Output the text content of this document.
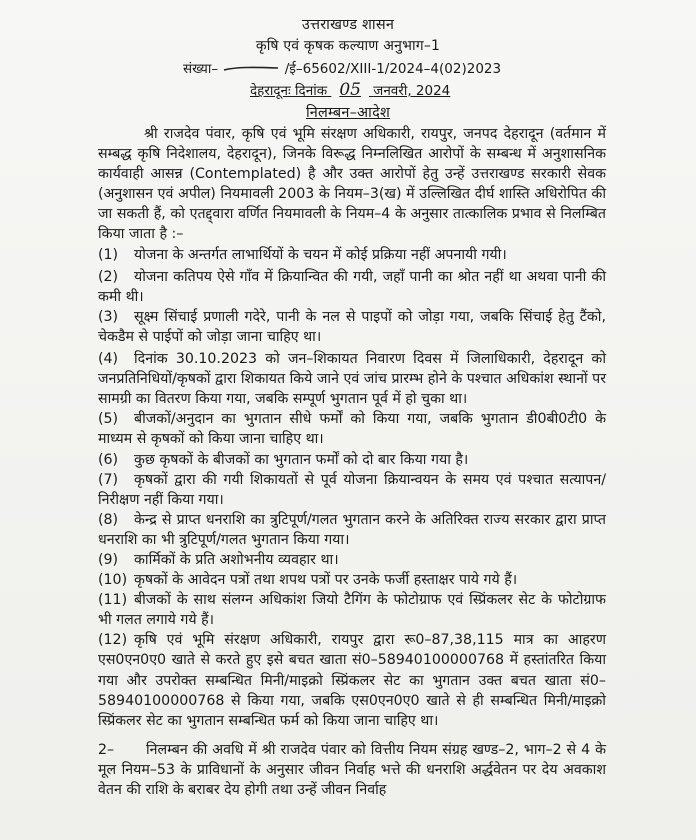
उत्तराखण्ड शासन
कृषि एवं कृषक कल्याण अनुभाग–1
संख्या–	/ई–65602/XIII-1/2024–4(02)2023
देहरादूनः दिनांक 05 जनवरी, 2024
निलम्बन–आदेश

श्री राजदेव पंवार, कृषि एवं भूमि संरक्षण अधिकारी, रायपुर, जनपद देहरादून (वर्तमान में सम्बद्ध कृषि निदेशालय, देहरादून), जिनके विरूद्ध निम्नलिखित आरोपों के सम्बन्ध में अनुशासनिक कार्यवाही आसन्न (Contemplated) है और उक्त आरोपों हेतु उन्हें उत्तराखण्ड सरकारी सेवक (अनुशासन एवं अपील) नियमावली 2003 के नियम–3(ख) में उल्लिखित दीर्घ शास्ति अधिरोपित की जा सकती हैं, को एतद्द्वारा वर्णित नियमावली के नियम–4 के अनुसार तात्कालिक प्रभाव से निलम्बित किया जाता है :–

(1) योजना के अन्तर्गत लाभार्थियों के चयन में कोई प्रक्रिया नहीं अपनायी गयी।

(2) योजना कतिपय ऐसे गाँव में क्रियान्वित की गयी, जहाँ पानी का श्रोत नहीं था अथवा पानी की कमी थी।

(3) सूक्ष्म सिंचाई प्रणाली गदेरे, पानी के नल से पाइपों को जोड़ा गया, जबकि सिंचाई हेतु टैंको, चेकडैम से पाईपों को जोड़ा जाना चाहिए था।

(4) दिनांक 30.10.2023 को जन–शिकायत निवारण दिवस में जिलाधिकारी, देहरादून को जनप्रतिनिधियों/कृषकों द्वारा शिकायत किये जाने एवं जांच प्रारम्भ होने के पश्चात अधिकांश स्थानों पर सामग्री का वितरण किया गया, जबकि सम्पूर्ण भुगतान पूर्व में हो चुका था।

(5) बीजकों/अनुदान का भुगतान सीधे फर्मों को किया गया, जबकि भुगतान डी0बी0टी0 के माध्यम से कृषकों को किया जाना चाहिए था।

(6) कुछ कृषकों के बीजकों का भुगतान फर्मों को दो बार किया गया है।

(7) कृषकों द्वारा की गयी शिकायतों से पूर्व योजना क्रियान्वयन के समय एवं पश्चात सत्यापन/निरीक्षण नहीं किया गया।

(8) केन्द्र से प्राप्त धनराशि का त्रुटिपूर्ण/गलत भुगतान करने के अतिरिक्त राज्य सरकार द्वारा प्राप्त धनराशि का भी त्रुटिपूर्ण/गलत भुगतान किया गया।

(9) कार्मिकों के प्रति अशोभनीय व्यवहार था।

(10) कृषकों के आवेदन पत्रों तथा शपथ पत्रों पर उनके फर्जी हस्ताक्षर पाये गये हैं।

(11) बीजकों के साथ संलग्न अधिकांश जियो टैगिंग के फोटोग्राफ एवं स्प्रिंकलर सेट के फोटोग्राफ भी गलत लगाये गये हैं।

(12) कृषि एवं भूमि संरक्षण अधिकारी, रायपुर द्वारा रू0–87,38,115 मात्र का आहरण एस0एन0ए0 खाते से करते हुए इसे बचत खाता सं0–58940100000768 में हस्तांतरित किया गया और उपरोक्त सम्बन्धित मिनी/माइक्रो स्प्रिंकलर सेट का भुगतान उक्त बचत खाता सं0–58940100000768 से किया गया, जबकि एस0एन0ए0 खाते से ही सम्बन्धित मिनी/माइक्रो स्प्रिंकलर सेट का भुगतान सम्बन्धित फर्म को किया जाना चाहिए था।

2– निलम्बन की अवधि में श्री राजदेव पंवार को वित्तीय नियम संग्रह खण्ड–2, भाग–2 से 4 के मूल नियम–53 के प्राविधानों के अनुसार जीवन निर्वाह भत्ते की धनराशि अर्द्धवेतन पर देय अवकाश वेतन की राशि के बराबर देय होगी तथा उन्हें जीवन निर्वाह
